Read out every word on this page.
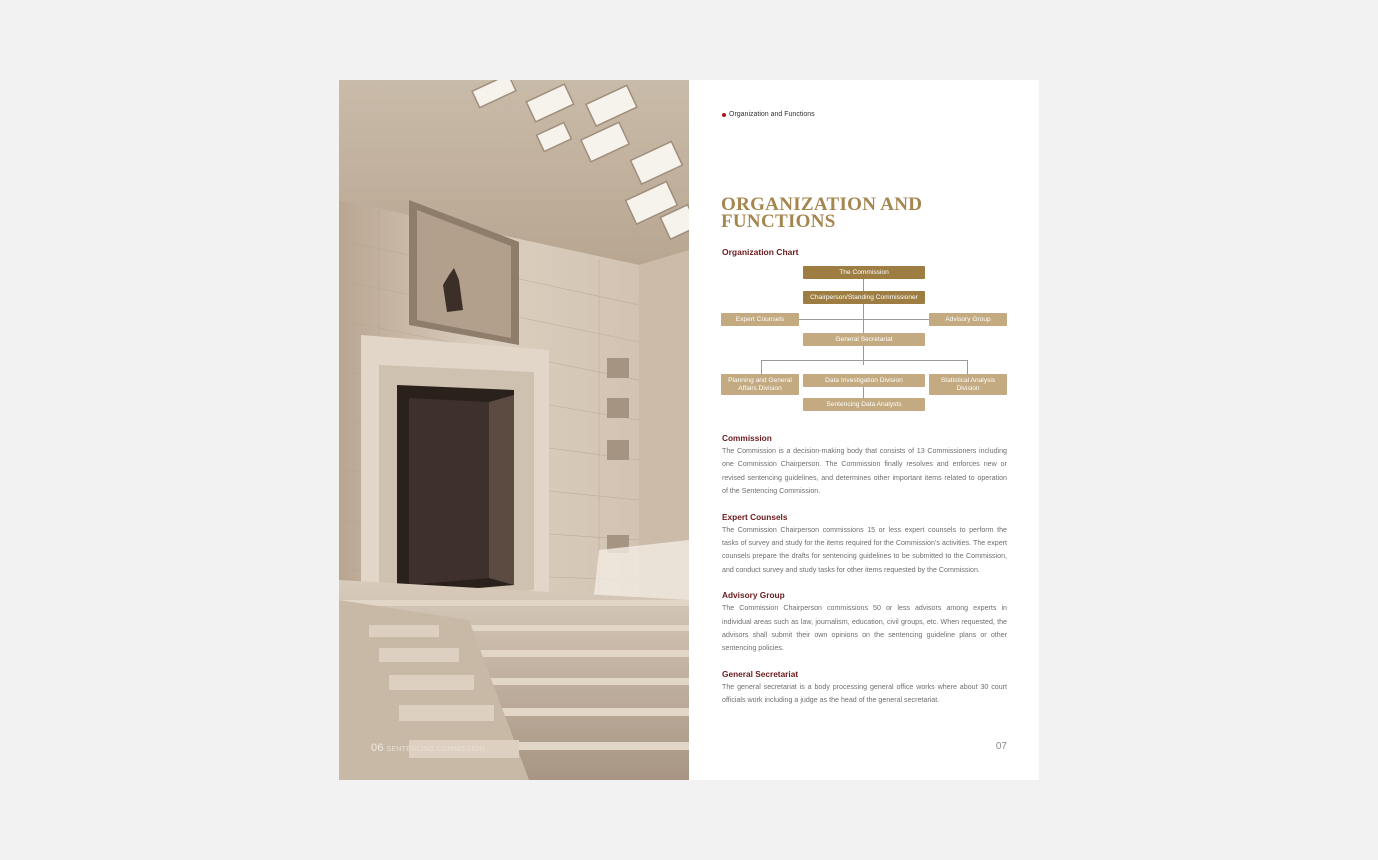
06 SENTENCING COMMISSION
Organization and Functions
ORGANIZATION AND FUNCTIONS
Organization Chart
The Commission
Chairperson/Standing Commissioner
Expert Counsels	Advisory Group
General Secretariat
Planning and General Affairs Division
Data Investigation Division	Statistical Analysis Division
Sentencing Data Analysts
Commission

The Commission is a decision-making body that consists of 13 Commissioners including one Commission Chairperson. The Commission finally resolves and enforces new or revised sentencing guidelines, and determines other important items related to operation of the Sentencing Commission.

Expert Counsels

The Commission Chairperson commissions 15 or less expert counsels to perform the tasks of survey and study for the items required for the Commission’s activities. The expert counsels prepare the drafts for sentencing guidelines to be submitted to the Commission, and conduct survey and study tasks for other items requested by the Commission.

Advisory Group

The Commission Chairperson commissions 50 or less advisors among experts in individual areas such as law, journalism, education, civil groups, etc. When requested, the advisors shall submit their own opinions on the sentencing guideline plans or other sentencing policies.

General Secretariat

The general secretariat is a body processing general office works where about 30 court officials work including a judge as the head of the general secretariat.

07
